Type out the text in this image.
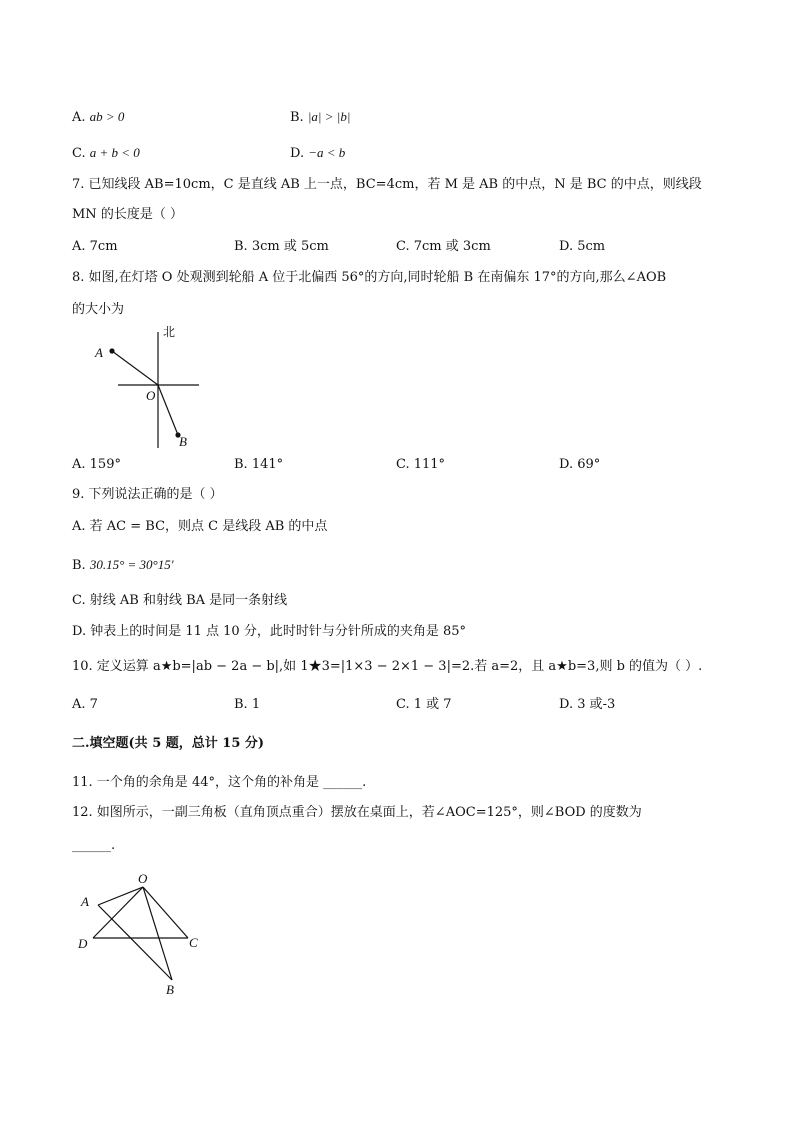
A. ab > 0	B. |a| > |b|
C. a + b < 0	D. −a < b
7. 已知线段 AB=10cm，C 是直线 AB 上一点，BC=4cm，若 M 是 AB 的中点，N 是 BC 的中点，则线段
MN 的长度是（ ）
A. 7cm	B. 3cm 或 5cm	C. 7cm 或 3cm	D. 5cm
8. 如图,在灯塔 O 处观测到轮船 A 位于北偏西 56°的方向,同时轮船 B 在南偏东 17°的方向,那么∠AOB
的大小为
北
A
O
B
A. 159°	B. 141°	C. 111°	D. 69°
9. 下列说法正确的是（ ）
A. 若 AC = BC，则点 C 是线段 AB 的中点
B. 30.15° = 30°15′
C. 射线 AB 和射线 BA 是同一条射线
D. 钟表上的时间是 11 点 10 分，此时时针与分针所成的夹角是 85°
10. 定义运算 a★b=|ab − 2a − b|,如 1★3=|1×3 − 2×1 − 3|=2.若 a=2，且 a★b=3,则 b 的值为（ ）.
A. 7	B. 1	C. 1 或 7	D. 3 或-3
二.填空题(共 5 题，总计 15 分)
11. 一个角的余角是 44°，这个角的补角是 ______.
12. 如图所示，一副三角板（直角顶点重合）摆放在桌面上，若∠AOC=125°，则∠BOD 的度数为
______.
O
A
D	C
B
